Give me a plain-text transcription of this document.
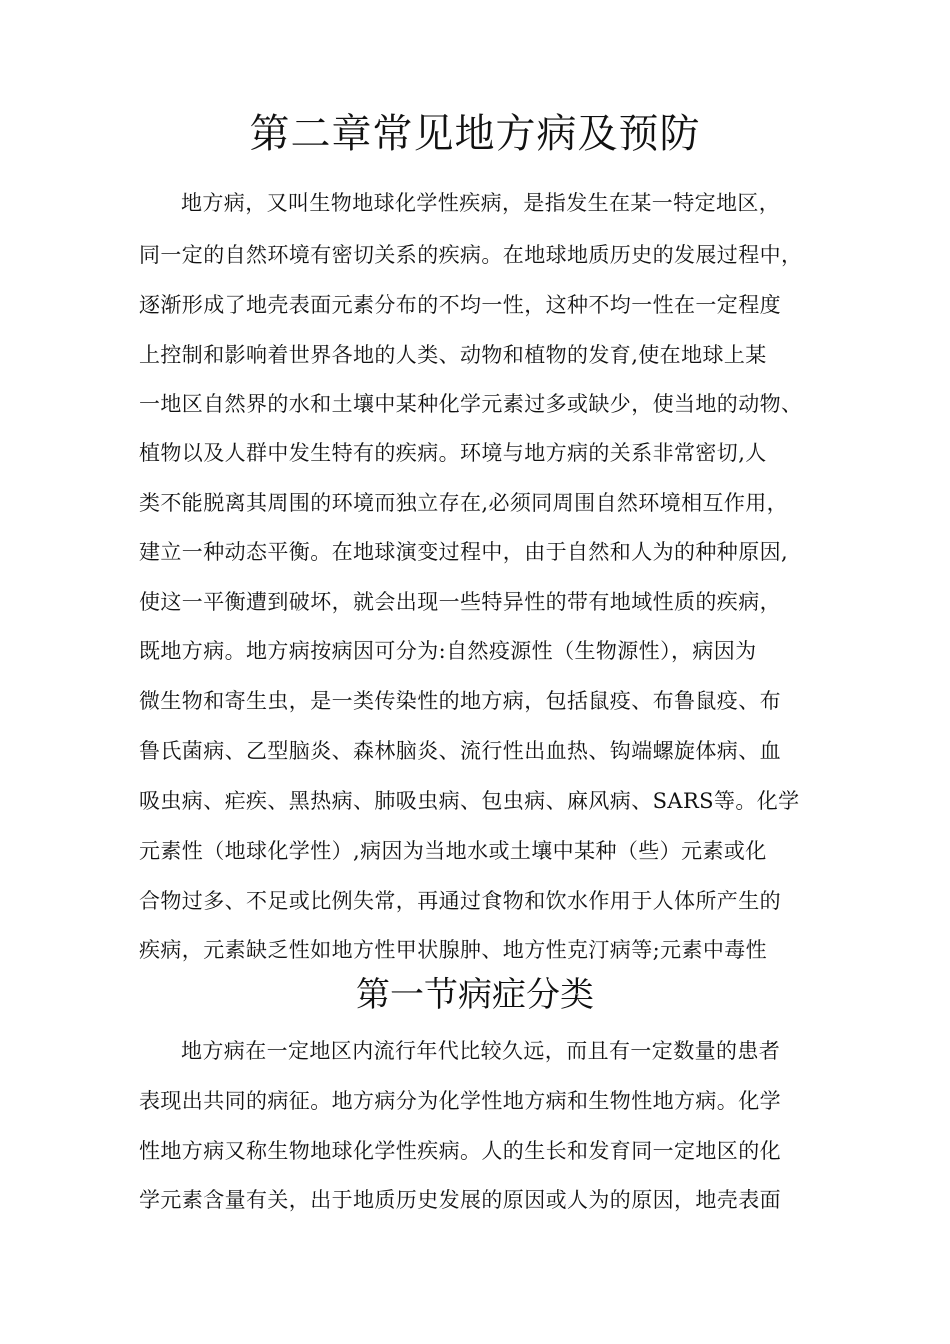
第二章常见地方病及预防
地方病，又叫生物地球化学性疾病，是指发生在某一特定地区，
同一定的自然环境有密切关系的疾病。在地球地质历史的发展过程中，
逐渐形成了地壳表面元素分布的不均一性，这种不均一性在一定程度
上控制和影响着世界各地的人类、动物和植物的发育,使在地球上某
一地区自然界的水和土壤中某种化学元素过多或缺少，使当地的动物、
植物以及人群中发生特有的疾病。环境与地方病的关系非常密切,人
类不能脱离其周围的环境而独立存在,必须同周围自然环境相互作用，
建立一种动态平衡。在地球演变过程中，由于自然和人为的种种原因,
使这一平衡遭到破坏，就会出现一些特异性的带有地域性质的疾病，
既地方病。地方病按病因可分为:自然疫源性（生物源性），病因为
微生物和寄生虫，是一类传染性的地方病，包括鼠疫、布鲁鼠疫、布
鲁氏菌病、乙型脑炎、森林脑炎、流行性出血热、钩端螺旋体病、血
吸虫病、疟疾、黑热病、肺吸虫病、包虫病、麻风病、SARS等。化学
元素性（地球化学性）,病因为当地水或土壤中某种（些）元素或化
合物过多、不足或比例失常，再通过食物和饮水作用于人体所产生的
疾病，元素缺乏性如地方性甲状腺肿、地方性克汀病等;元素中毒性
第一节病症分类
地方病在一定地区内流行年代比较久远，而且有一定数量的患者
表现出共同的病征。地方病分为化学性地方病和生物性地方病。化学
性地方病又称生物地球化学性疾病。人的生长和发育同一定地区的化
学元素含量有关，出于地质历史发展的原因或人为的原因，地壳表面
